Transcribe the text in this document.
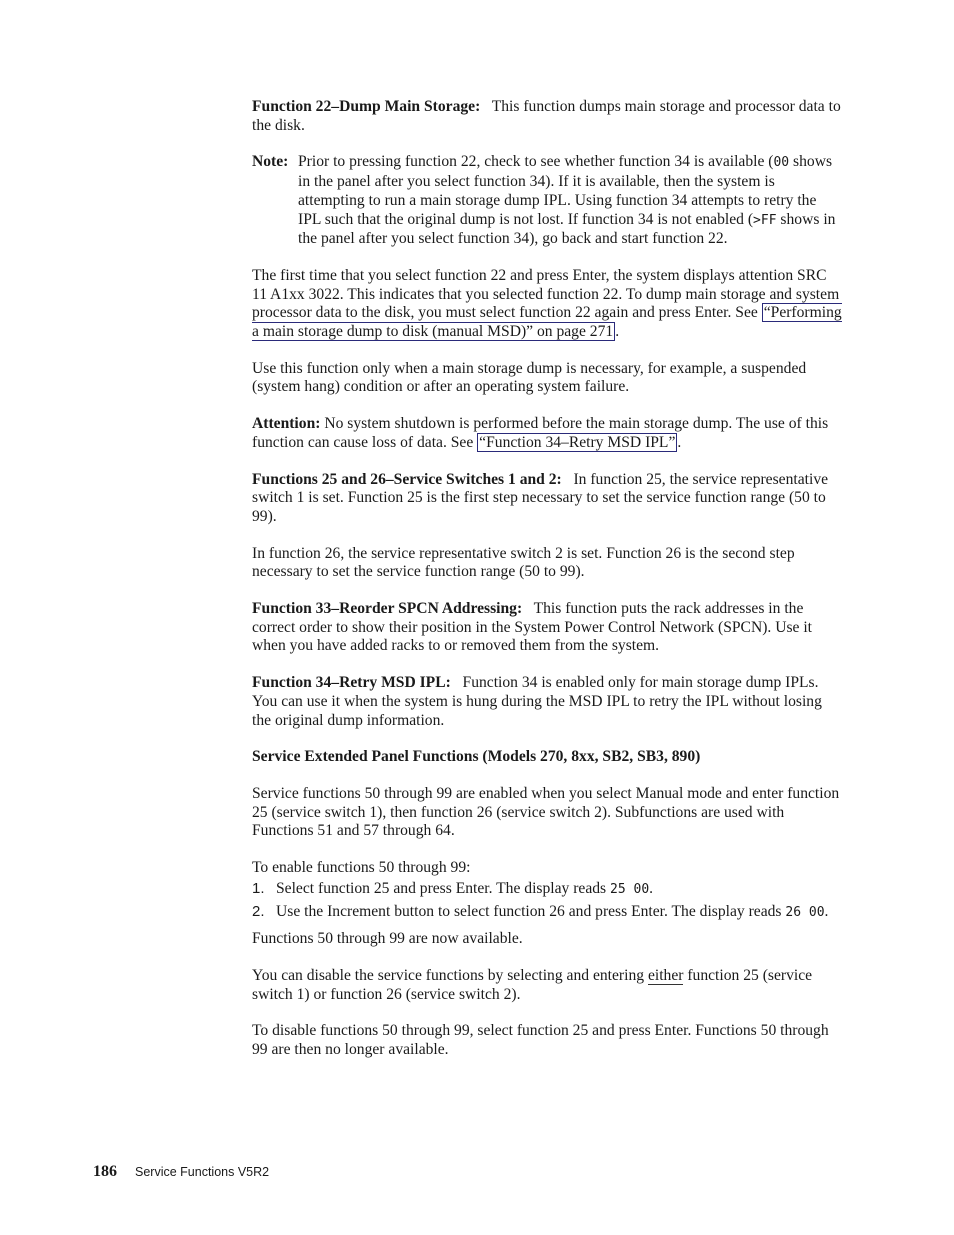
Function 22–Dump Main Storage: This function dumps main storage and processor data to the disk.

Note: Prior to pressing function 22, check to see whether function 34 is available (00 shows in the panel after you select function 34). If it is available, then the system is attempting to run a main storage dump IPL. Using function 34 attempts to retry the IPL such that the original dump is not lost. If function 34 is not enabled (>FF shows in the panel after you select function 34), go back and start function 22.

The first time that you select function 22 and press Enter, the system displays attention SRC 11 A1xx 3022. This indicates that you selected function 22. To dump main storage and system processor data to the disk, you must select function 22 again and press Enter. See “Performing a main storage dump to disk (manual MSD)” on page 271 .

Use this function only when a main storage dump is necessary, for example, a suspended (system hang) condition or after an operating system failure.

Attention: No system shutdown is performed before the main storage dump. The use of this function can cause loss of data. See “Function 34–Retry MSD IPL” .

Functions 25 and 26–Service Switches 1 and 2: In function 25, the service representative switch 1 is set. Function 25 is the first step necessary to set the service function range (50 to 99).

In function 26, the service representative switch 2 is set. Function 26 is the second step necessary to set the service function range (50 to 99).

Function 33–Reorder SPCN Addressing: This function puts the rack addresses in the correct order to show their position in the System Power Control Network (SPCN). Use it when you have added racks to or removed them from the system.

Function 34–Retry MSD IPL: Function 34 is enabled only for main storage dump IPLs. You can use it when the system is hung during the MSD IPL to retry the IPL without losing the original dump information.

Service Extended Panel Functions (Models 270, 8xx, SB2, SB3, 890)

Service functions 50 through 99 are enabled when you select Manual mode and enter function 25 (service switch 1), then function 26 (service switch 2). Subfunctions are used with Functions 51 and 57 through 64.

To enable functions 50 through 99:
1. Select function 25 and press Enter. The display reads 25 00.
2. Use the Increment button to select function 26 and press Enter. The display reads 26 00.

Functions 50 through 99 are now available.

You can disable the service functions by selecting and entering either function 25 (service switch 1) or function 26 (service switch 2).

To disable functions 50 through 99, select function 25 and press Enter. Functions 50 through 99 are then no longer available.

186 Service Functions V5R2
